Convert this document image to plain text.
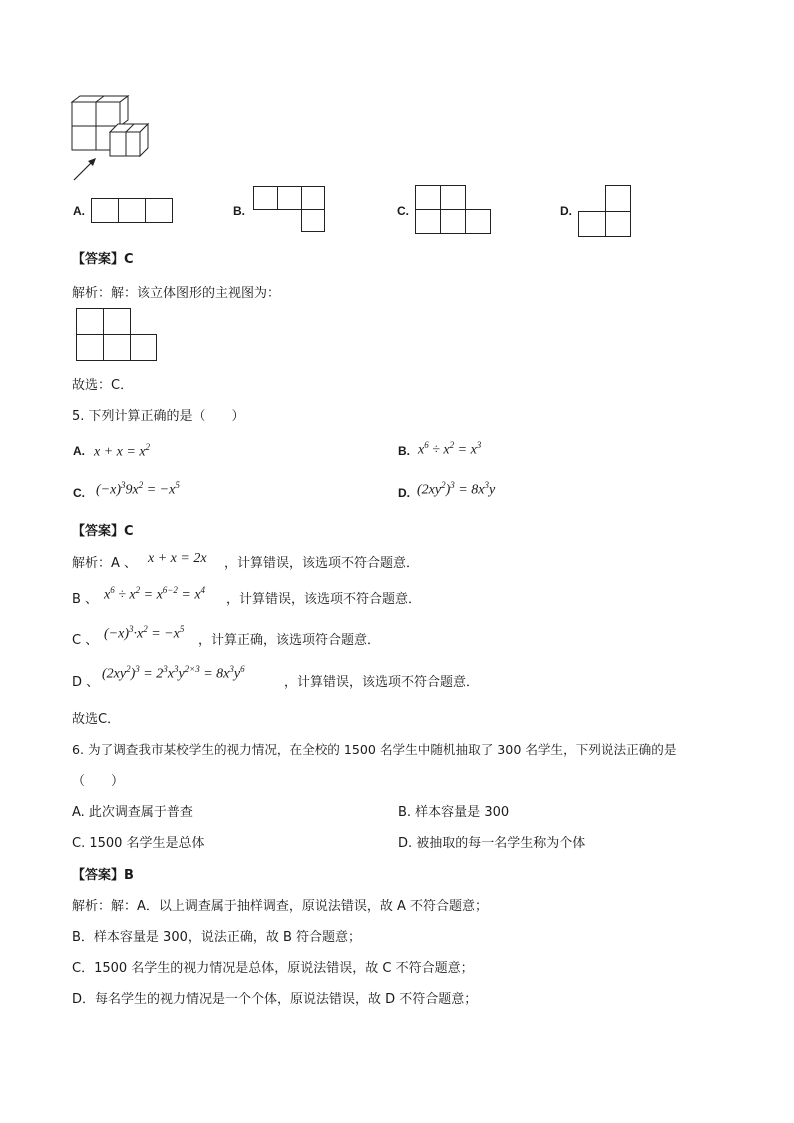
A.	B.	C.	D.
【答案】C
解析：解：该立体图形的主视图为：
故选：C．
5. 下列计算正确的是（　　）
A. $x + x = x^2$	B. $x^6 \div x^2 = x^3$
C. $(-x)^39x^2 = -x^5$
D. $(2xy^2)^3 = 8x^3y$
【答案】C
解析：A 、 x + x = 2x ，计算错误，该选项不符合题意．
B 、 $x^6 \div x^2 = x^{6-2} = x^4$
，计算错误，该选项不符合题意．
C 、 $(-x)^3\cdot x^2 = -x^5$
，计算正确，该选项符合题意．
D 、
$(2xy^2)^3 = 2^3x^3y^{2\times 3} = 8x^3y^6$
，计算错误，该选项不符合题意．
故选C．
6. 为了调查我市某校学生的视力情况，在全校的 1500 名学生中随机抽取了 300 名学生，下列说法正确的是
（　　）
A. 此次调查属于普查	B. 样本容量是 300
C. 1500 名学生是总体	D. 被抽取的每一名学生称为个体
【答案】B
解析：解：A．以上调查属于抽样调查，原说法错误，故 A 不符合题意；
B．样本容量是 300，说法正确，故 B 符合题意；
C．1500 名学生的视力情况是总体，原说法错误，故 C 不符合题意；
D．每名学生的视力情况是一个个体，原说法错误，故 D 不符合题意；
